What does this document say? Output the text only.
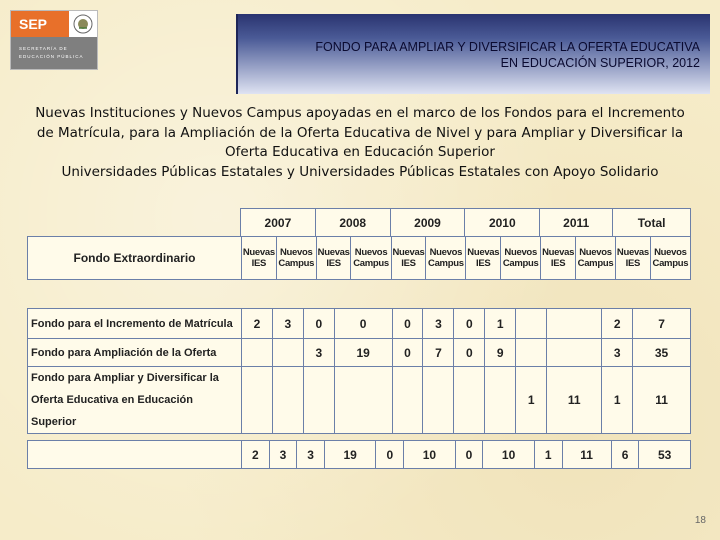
SEP
SECRETARÍA DE
EDUCACIÓN PÚBLICA
FONDO PARA AMPLIAR Y DIVERSIFICAR LA OFERTA EDUCATIVA
EN EDUCACIÓN SUPERIOR, 2012
Nuevas Instituciones y Nuevos Campus apoyadas en el marco de los Fondos para el Incremento
de Matrícula, para la Ampliación de la Oferta Educativa de Nivel y para Ampliar y Diversificar la
Oferta Educativa en Educación Superior
Universidades Públicas Estatales y Universidades Públicas Estatales con Apoyo Solidario
2007	2008	2009	2010	2011	Total
Fondo Extraordinario	Nuevas IES	Nuevos Campus	Nuevas IES	Nuevos Campus	Nuevas IES	Nuevos Campus	Nuevas IES	Nuevos Campus	Nuevas IES	Nuevos Campus	Nuevas IES	Nuevos Campus
Fondo para el Incremento de Matrícula	2	3	0	0	0	3	0	1			2	7
Fondo para Ampliación de la Oferta			3	19	0	7	0	9			3	35
Fondo para Ampliar y Diversificar la Oferta Educativa en Educación Superior									1	11	1	11
	2	3	3	19	0	10	0	10	1	11	6	53
18
